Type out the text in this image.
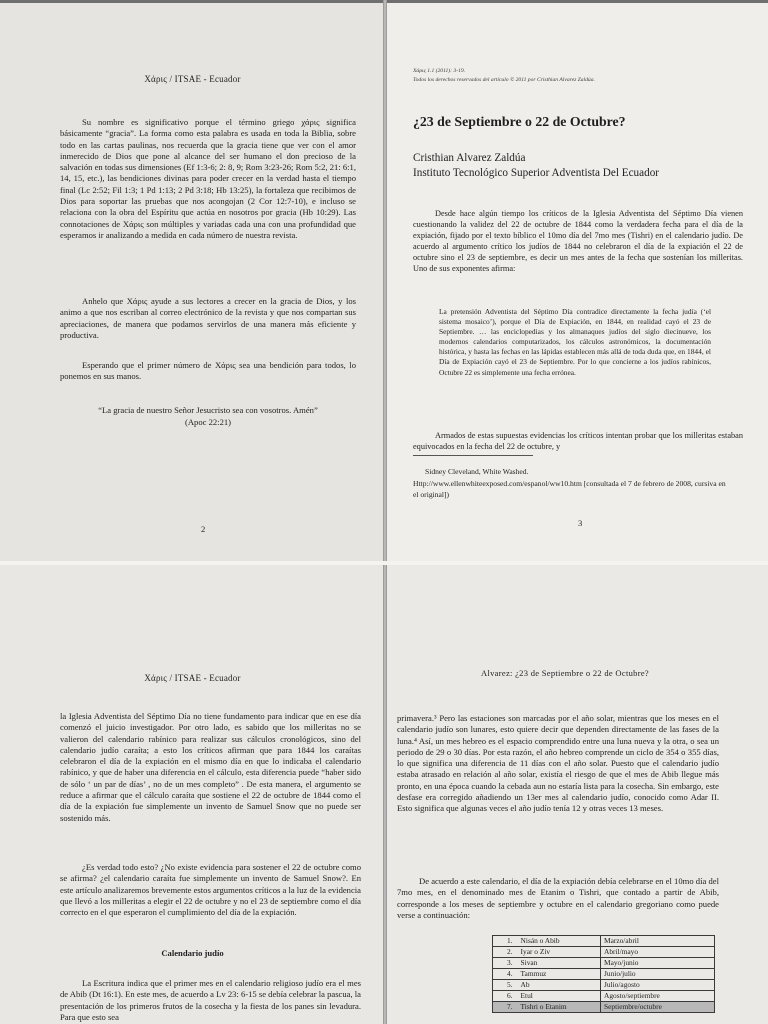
Χάρις / ITSAE - Ecuador

Su nombre es significativo porque el término griego χάρις significa básicamente “gracia”. La forma como esta palabra es usada en toda la Biblia, sobre todo en las cartas paulinas, nos recuerda que la gracia tiene que ver con el amor inmerecido de Dios que pone al alcance del ser humano el don precioso de la salvación en todas sus dimensiones (Ef 1:3-6; 2: 8, 9; Rom 3:23-26; Rom 5:2, 21: 6:1, 14, 15, etc.), las bendiciones divinas para poder crecer en la verdad hasta el tiempo final (Lc 2:52; Fil 1:3; 1 Pd 1:13; 2 Pd 3:18; Hb 13:25), la fortaleza que recibimos de Dios para soportar las pruebas que nos acongojan (2 Cor 12:7-10), e incluso se relaciona con la obra del Espíritu que actúa en nosotros por gracia (Hb 10:29). Las connotaciones de Χάρις son múltiples y variadas cada una con una profundidad que esperamos ir analizando a medida en cada número de nuestra revista.

Anhelo que Χάρις ayude a sus lectores a crecer en la gracia de Dios, y los animo a que nos escriban al correo electrónico de la revista y que nos compartan sus apreciaciones, de manera que podamos servirlos de una manera más eficiente y productiva.

Esperando que el primer número de Χάρις sea una bendición para todos, lo ponemos en sus manos.

“La gracia de nuestro Señor Jesucristo sea con vosotros. Amén”

(Apoc 22:21)

2
Χάρις 1.1 (2011): 3-19.
Todos los derechos reservados del artículo © 2011 por Cristhian Alvarez Zaldúa.
¿23 de Septiembre o 22 de Octubre?
Cristhian Alvarez Zaldúa
Instituto Tecnológico Superior Adventista Del Ecuador

Desde hace algún tiempo los críticos de la Iglesia Adventista del Séptimo Día vienen cuestionando la validez del 22 de octubre de 1844 como la verdadera fecha para el día de la expiación, fijado por el texto bíblico el 10mo día del 7mo mes (Tishri) en el calendario judío. De acuerdo al argumento crítico los judíos de 1844 no celebraron el día de la expiación el 22 de octubre sino el 23 de septiembre, es decir un mes antes de la fecha que sostenían los milleritas. Uno de sus exponentes afirma:

La pretensión Adventista del Séptimo Día contradice directamente la fecha judía (‘el sistema mosaico’), porque el Día de Expiación, en 1844, en realidad cayó el 23 de Septiembre. … las enciclopedias y los almanaques judíos del siglo diecinueve, los modernos calendarios computarizados, los cálculos astronómicos, la documentación histórica, y hasta las fechas en las lápidas establecen más allá de toda duda que, en 1844, el Día de Expiación cayó el 23 de Septiembre. Por lo que concierne a los judíos rabínicos, Octubre 22 es simplemente una fecha errónea.

Armados de estas supuestas evidencias los críticos intentan probar que los milleritas estaban equivocados en la fecha del 22 de octubre, y

Sidney Cleveland, White Washed.
Http://www.ellenwhiteexposed.com/espanol/ww10.htm [consultada el 7 de febrero de 2008, cursiva en el original])
3
Χάρις / ITSAE - Ecuador

la Iglesia Adventista del Séptimo Día no tiene fundamento para indicar que en ese día comenzó el juicio investigador. Por otro lado, es sabido que los milleritas no se valieron del calendario rabínico para realizar sus cálculos cronológicos, sino del calendario judío caraíta; a esto los críticos afirman que para 1844 los caraítas celebraron el día de la expiación en el mismo día en que lo indicaba el calendario rabínico, y que de haber una diferencia en el cálculo, esta diferencia puede “haber sido de sólo ‘ un par de días’ , no de un mes completo” . De esta manera, el argumento se reduce a afirmar que el cálculo caraíta que sostiene el 22 de octubre de 1844 como el día de la expiación fue simplemente un invento de Samuel Snow que no puede ser sostenido más.

¿Es verdad todo esto? ¿No existe evidencia para sostener el 22 de octubre como se afirma? ¿el calendario caraíta fue simplemente un invento de Samuel Snow?. En este artículo analizaremos brevemente estos argumentos críticos a la luz de la evidencia que llevó a los milleritas a elegir el 22 de octubre y no el 23 de septiembre como el día correcto en el que esperaron el cumplimiento del día de la expiación.

Calendario judío

La Escritura indica que el primer mes en el calendario religioso judío era el mes de Abib (Dt 16:1). En este mes, de acuerdo a Lv 23: 6-15 se debía celebrar la pascua, la presentación de los primeros frutos de la cosecha y la fiesta de los panes sin levadura. Para que esto sea

Alvarez: ¿23 de Septiembre o 22 de Octubre?

primavera.³ Pero las estaciones son marcadas por el año solar, mientras que los meses en el calendario judío son lunares, esto quiere decir que dependen directamente de las fases de la luna.⁴ Así, un mes hebreo es el espacio comprendido entre una luna nueva y la otra, o sea un periodo de 29 o 30 días. Por esta razón, el año hebreo comprende un ciclo de 354 o 355 días, lo que significa una diferencia de 11 días con el año solar. Puesto que el calendario judío estaba atrasado en relación al año solar, existía el riesgo de que el mes de Abib llegue más pronto, en una época cuando la cebada aun no estaría lista para la cosecha. Sin embargo, este desfase era corregido añadiendo un 13er mes al calendario judío, conocido como Adar II. Esto significa que algunas veces el año judío tenía 12 y otras veces 13 meses.

De acuerdo a este calendario, el día de la expiación debía celebrarse en el 10mo día del 7mo mes, en el denominado mes de Etanim o Tishri, que contado a partir de Abib, corresponde a los meses de septiembre y octubre en el calendario gregoriano como puede verse a continuación:

1. Nisán o Abib	Marzo/abril
2. Iyar o Ziv	Abril/mayo
3. Sivan	Mayo/junio
4. Tammuz	Junio/julio
5. Ab	Julio/agosto
6. Etul	Agosto/septiembre
7. Tishri o Etanim	Septiembre/octubre
